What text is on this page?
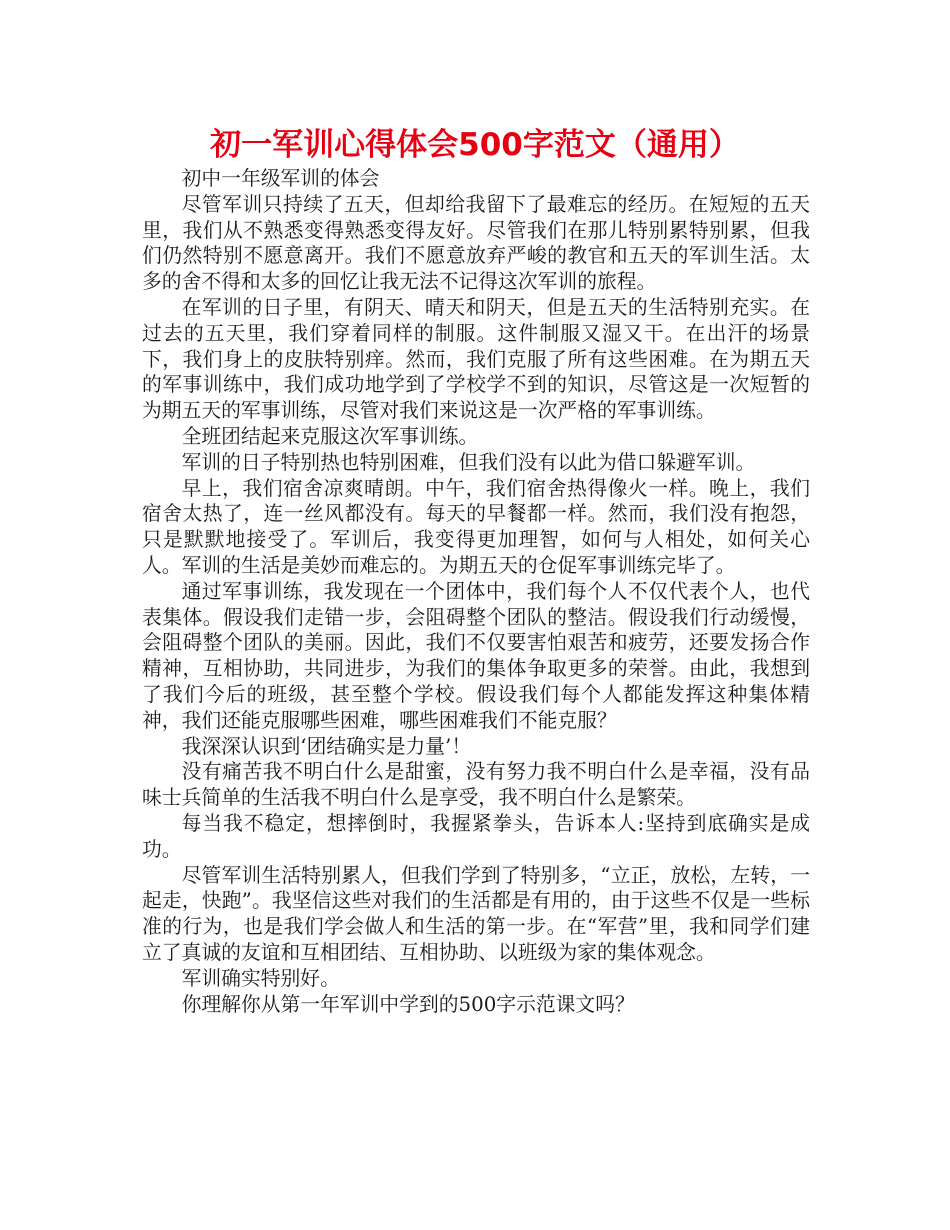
初一军训心得体会500字范文（通用）

初中一年级军训的体会

尽管军训只持续了五天，但却给我留下了最难忘的经历。在短短的五天里，我们从不熟悉变得熟悉变得友好。尽管我们在那儿特别累特别累，但我们仍然特别不愿意离开。我们不愿意放弃严峻的教官和五天的军训生活。太多的舍不得和太多的回忆让我无法不记得这次军训的旅程。

在军训的日子里，有阴天、晴天和阴天，但是五天的生活特别充实。在过去的五天里，我们穿着同样的制服。这件制服又湿又干。在出汗的场景下，我们身上的皮肤特别痒。然而，我们克服了所有这些困难。在为期五天的军事训练中，我们成功地学到了学校学不到的知识，尽管这是一次短暂的为期五天的军事训练，尽管对我们来说这是一次严格的军事训练。

全班团结起来克服这次军事训练。

军训的日子特别热也特别困难，但我们没有以此为借口躲避军训。

早上，我们宿舍凉爽晴朗。中午，我们宿舍热得像火一样。晚上，我们宿舍太热了，连一丝风都没有。每天的早餐都一样。然而，我们没有抱怨，只是默默地接受了。军训后，我变得更加理智，如何与人相处，如何关心人。军训的生活是美妙而难忘的。为期五天的仓促军事训练完毕了。

通过军事训练，我发现在一个团体中，我们每个人不仅代表个人，也代表集体。假设我们走错一步，会阻碍整个团队的整洁。假设我们行动缓慢，会阻碍整个团队的美丽。因此，我们不仅要害怕艰苦和疲劳，还要发扬合作精神，互相协助，共同进步，为我们的集体争取更多的荣誉。由此，我想到了我们今后的班级，甚至整个学校。假设我们每个人都能发挥这种集体精神，我们还能克服哪些困难，哪些困难我们不能克服？

我深深认识到‘团结确实是力量’！

没有痛苦我不明白什么是甜蜜，没有努力我不明白什么是幸福，没有品味士兵简单的生活我不明白什么是享受，我不明白什么是繁荣。

每当我不稳定，想摔倒时，我握紧拳头，告诉本人:坚持到底确实是成功。

尽管军训生活特别累人，但我们学到了特别多，“立正，放松，左转，一起走，快跑”。我坚信这些对我们的生活都是有用的，由于这些不仅是一些标准的行为，也是我们学会做人和生活的第一步。在“军营”里，我和同学们建立了真诚的友谊和互相团结、互相协助、以班级为家的集体观念。

军训确实特别好。

你理解你从第一年军训中学到的500字示范课文吗？
